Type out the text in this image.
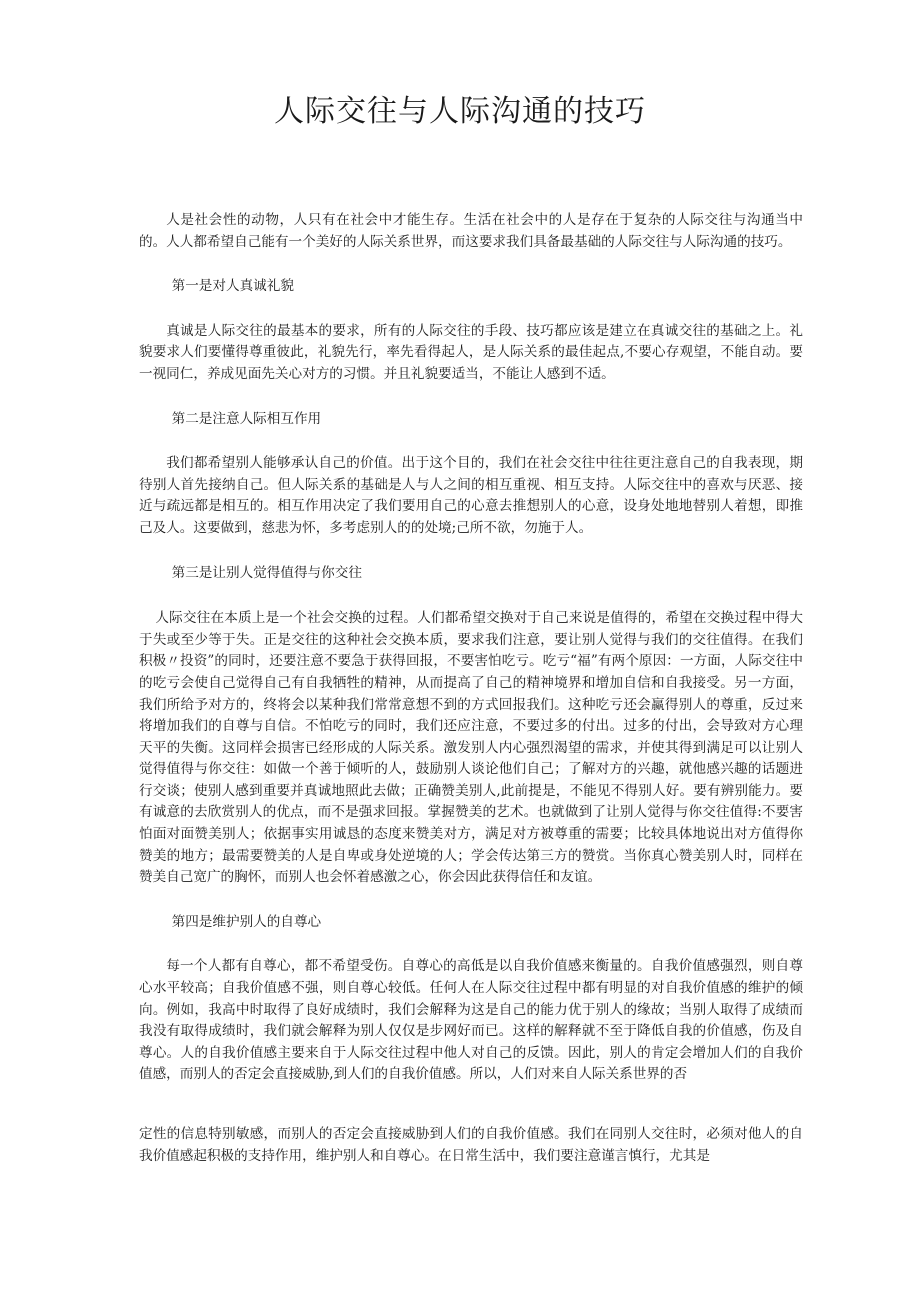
人际交往与人际沟通的技巧

人是社会性的动物，人只有在社会中才能生存。生活在社会中的人是存在于复杂的人际交往与沟通当中的。人人都希望自己能有一个美好的人际关系世界，而这要求我们具备最基础的人际交往与人际沟通的技巧。

第一是对人真诚礼貌

真诚是人际交往的最基本的要求，所有的人际交往的手段、技巧都应该是建立在真诚交往的基础之上。礼貌要求人们要懂得尊重彼此，礼貌先行，率先看得起人，是人际关系的最佳起点,不要心存观望，不能自动。要一视同仁，养成见面先关心对方的习惯。并且礼貌要适当，不能让人感到不适。

第二是注意人际相互作用

我们都希望别人能够承认自己的价值。出于这个目的，我们在社会交往中往往更注意自己的自我表现，期待别人首先接纳自己。但人际关系的基础是人与人之间的相互重视、相互支持。人际交往中的喜欢与厌恶、接近与疏远都是相互的。相互作用决定了我们要用自己的心意去推想别人的心意，设身处地地替别人着想，即推己及人。这要做到，慈悲为怀，多考虑别人的的处境;己所不欲，勿施于人。

第三是让别人觉得值得与你交往

人际交往在本质上是一个社会交换的过程。人们都希望交换对于自己来说是值得的，希望在交换过程中得大于失或至少等于失。正是交往的这种社会交换本质，要求我们注意，要让别人觉得与我们的交往值得。在我们积极〃投资”的同时，还要注意不要急于获得回报，不要害怕吃亏。吃亏“福”有两个原因：一方面，人际交往中的吃亏会使自己觉得自己有自我牺牲的精神，从而提高了自己的精神境界和增加自信和自我接受。另一方面，我们所给予对方的，终将会以某种我们常常意想不到的方式回报我们。这种吃亏还会赢得别人的尊重，反过来将增加我们的自尊与自信。不怕吃亏的同时，我们还应注意，不要过多的付出。过多的付出，会导致对方心理天平的失衡。这同样会损害已经形成的人际关系。激发别人内心强烈渴望的需求，并使其得到满足可以让别人觉得值得与你交往：如做一个善于倾听的人，鼓励别人谈论他们自己；了解对方的兴趣，就他感兴趣的话题进行交谈；使别人感到重要并真诚地照此去做；正确赞美别人,此前提是，不能见不得别人好。要有辨别能力。要有诚意的去欣赏别人的优点，而不是强求回报。掌握赞美的艺术。也就做到了让别人觉得与你交往值得:不要害怕面对面赞美别人；依据事实用诚恳的态度来赞美对方，满足对方被尊重的需要；比较具体地说出对方值得你赞美的地方；最需要赞美的人是自卑或身处逆境的人；学会传达第三方的赞赏。当你真心赞美别人时，同样在赞美自己宽广的胸怀，而别人也会怀着感激之心，你会因此获得信任和友谊。

第四是维护别人的自尊心

每一个人都有自尊心，都不希望受伤。自尊心的高低是以自我价值感来衡量的。自我价值感强烈，则自尊心水平较高；自我价值感不强，则自尊心较低。任何人在人际交往过程中都有明显的对自我价值感的维护的倾向。例如，我高中时取得了良好成绩时，我们会解释为这是自己的能力优于别人的缘故；当别人取得了成绩而我没有取得成绩时，我们就会解释为别人仅仅是步网好而已。这样的解释就不至于降低自我的价值感，伤及自尊心。人的自我价值感主要来自于人际交往过程中他人对自己的反馈。因此，别人的肯定会增加人们的自我价值感，而别人的否定会直接威胁,到人们的自我价值感。所以，人们对来自人际关系世界的否

定性的信息特别敏感，而别人的否定会直接威胁到人们的自我价值感。我们在同别人交往时，必须对他人的自我价值感起积极的支持作用，维护别人和自尊心。在日常生活中，我们要注意谨言慎行，尤其是
